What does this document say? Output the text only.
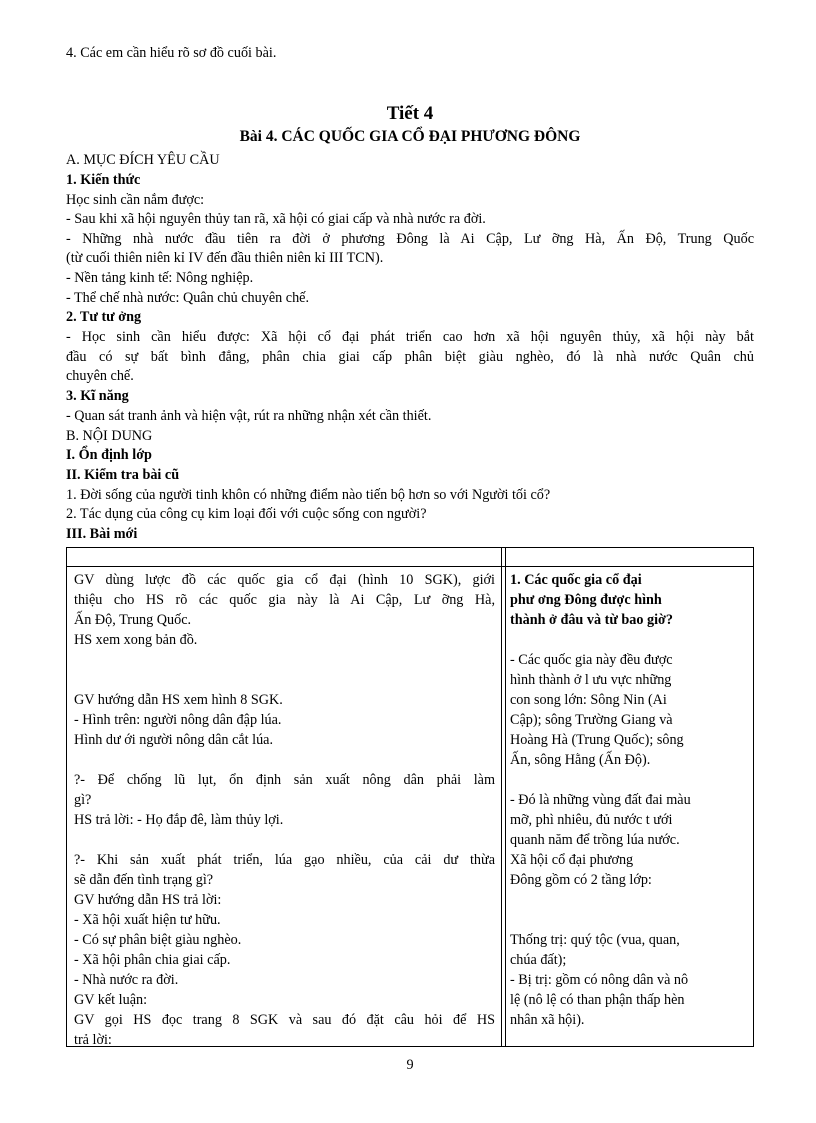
4. Các em cần hiểu rõ sơ đồ cuối bài.
Tiết 4
Bài 4. CÁC QUỐC GIA CỔ ĐẠI PHƯƠNG ĐÔNG
A. MỤC ĐÍCH YÊU CẦU
1. Kiến thức
Học sinh cần nắm được:
- Sau khi xã hội nguyên thủy tan rã, xã hội có giai cấp và nhà nước ra đời.
- Những nhà nước đầu tiên ra đời ở phương Đông là Ai Cập, Lư ỡng Hà, Ấn Độ, Trung Quốc
(từ cuối thiên niên kỉ IV đến đầu thiên niên kỉ III TCN).
- Nền tảng kinh tế: Nông nghiệp.
- Thể chế nhà nước: Quân chủ chuyên chế.
2. Tư tư ởng
- Học sinh cần hiểu được: Xã hội cổ đại phát triển cao hơn xã hội nguyên thủy, xã hội này bắt
đầu có sự bất bình đẳng, phân chia giai cấp phân biệt giàu nghèo, đó là nhà nước Quân chủ
chuyên chế.
3. Kĩ năng
- Quan sát tranh ảnh và hiện vật, rút ra những nhận xét cần thiết.
B. NỘI DUNG
I. Ổn định lớp
II. Kiểm tra bài cũ
1. Đời sống của người tinh khôn có những điểm nào tiến bộ hơn so với Người tối cổ?
2. Tác dụng của công cụ kim loại đối với cuộc sống con người?
III. Bài mới
GV dùng lược đồ các quốc gia cổ đại (hình 10 SGK), giới
thiệu cho HS rõ các quốc gia này là Ai Cập, Lư ỡng Hà,
Ấn Độ, Trung Quốc.
HS xem xong bản đồ.
GV hướng dẫn HS xem hình 8 SGK.
- Hình trên: người nông dân đập lúa.
Hình dư ới người nông dân cắt lúa.
?- Để chống lũ lụt, ổn định sản xuất nông dân phải làm
gì?
HS trả lời: - Họ đắp đê, làm thủy lợi.
?- Khi sản xuất phát triển, lúa gạo nhiều, của cải dư thừa
sẽ dẫn đến tình trạng gì?
GV hướng dẫn HS trả lời:
- Xã hội xuất hiện tư hữu.
- Có sự phân biệt giàu nghèo.
- Xã hội phân chia giai cấp.
- Nhà nước ra đời.
GV kết luận:
GV gọi HS đọc trang 8 SGK và sau đó đặt câu hỏi để HS
trả lời:
1. Các quốc gia cổ đại
phư ơng Đông được hình
thành ở đâu và từ bao giờ?
- Các quốc gia này đều được
hình thành ở l ưu vực những
con song lớn: Sông Nin (Ai
Cập); sông Trường Giang và
Hoàng Hà (Trung Quốc); sông
Ấn, sông Hằng (Ấn Độ).
- Đó là những vùng đất đai màu
mỡ, phì nhiêu, đủ nước t ưới
quanh năm để trồng lúa nước.
Xã hội cổ đại phương
Đông gồm có 2 tầng lớp:
Thống trị: quý tộc (vua, quan,
chúa đất);
- Bị trị: gồm có nông dân và nô
lệ (nô lệ có than phận thấp hèn
nhân xã hội).
9
